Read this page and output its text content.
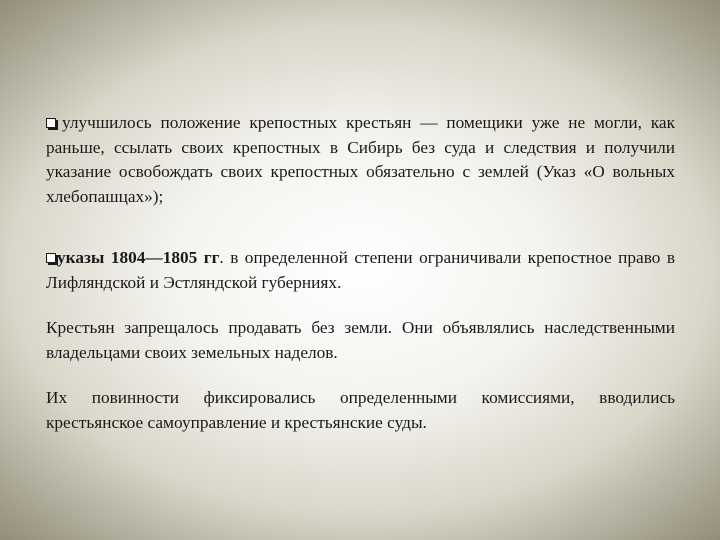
улучшилось положение крепостных крестьян — помещики уже не могли, как раньше, ссылать своих крепостных в Сибирь без суда и следствия и получили указание освобождать своих крепостных обязательно с землей (Указ «О вольных хлебопашцах»);

указы 1804—1805 гг. в определенной степени ограничивали крепостное право в Лифляндской и Эстляндской губерниях.

Крестьян запрещалось продавать без земли. Они объявлялись наследственными владельцами своих земельных наделов.

Их повинности фиксировались определенными комиссиями, вводились крестьянское самоуправление и крестьянские суды.
